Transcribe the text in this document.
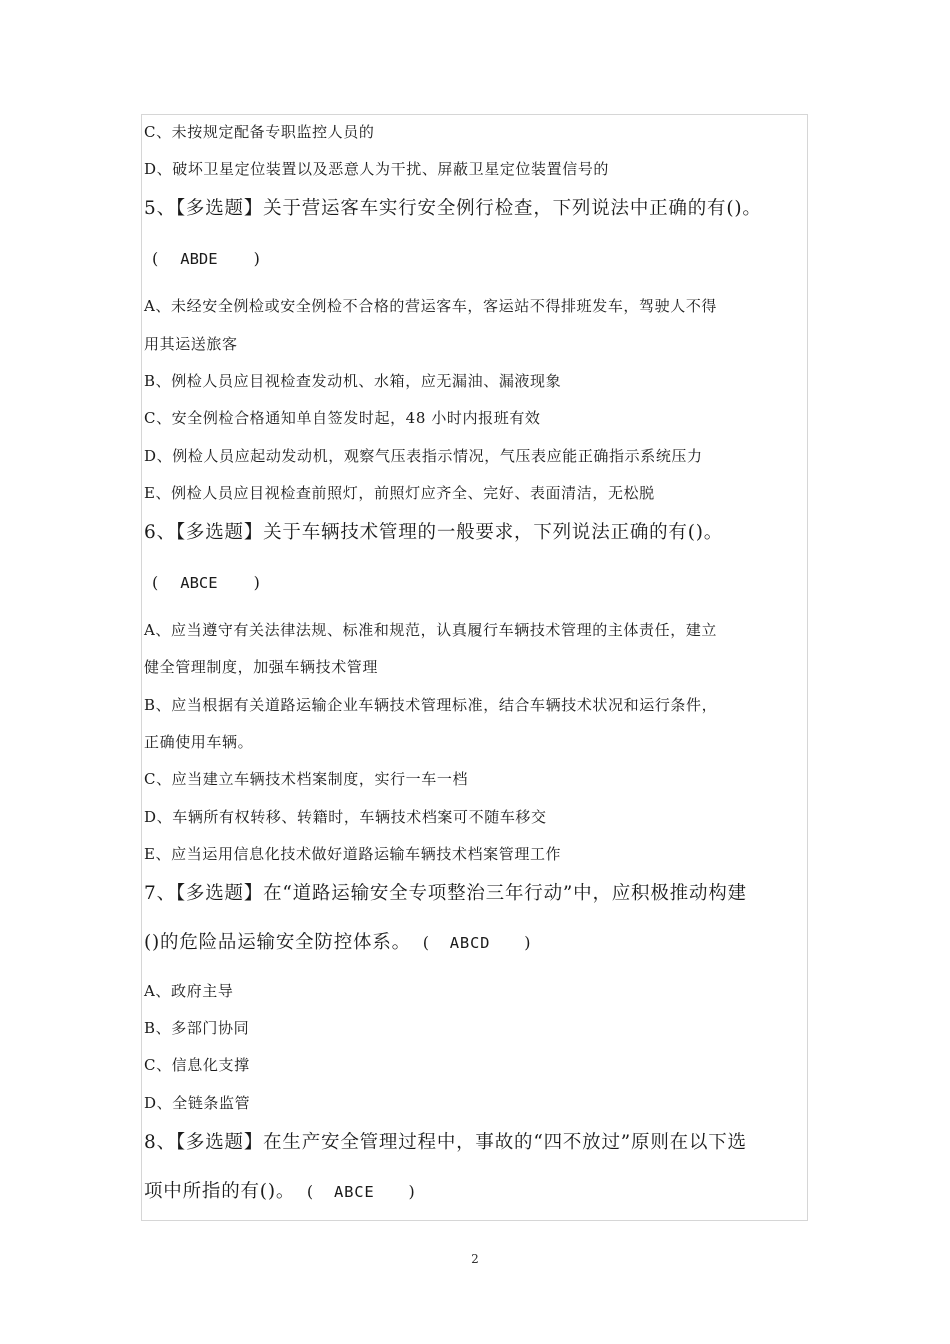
C、未按规定配备专职监控人员的
D、破坏卫星定位装置以及恶意人为干扰、屏蔽卫星定位装置信号的
5、【多选题】关于营运客车实行安全例行检查，下列说法中正确的有()。
( ABDE )
A、未经安全例检或安全例检不合格的营运客车，客运站不得排班发车，驾驶人不得
用其运送旅客
B、例检人员应目视检查发动机、水箱，应无漏油、漏液现象
C、安全例检合格通知单自签发时起，48 小时内报班有效
D、例检人员应起动发动机，观察气压表指示情况，气压表应能正确指示系统压力
E、例检人员应目视检查前照灯，前照灯应齐全、完好、表面清洁，无松脱
6、【多选题】关于车辆技术管理的一般要求，下列说法正确的有()。
( ABCE )
A、应当遵守有关法律法规、标准和规范，认真履行车辆技术管理的主体责任，建立
健全管理制度，加强车辆技术管理
B、应当根据有关道路运输企业车辆技术管理标准，结合车辆技术状况和运行条件，
正确使用车辆。
C、应当建立车辆技术档案制度，实行一车一档
D、车辆所有权转移、转籍时，车辆技术档案可不随车移交
E、应当运用信息化技术做好道路运输车辆技术档案管理工作
7、【多选题】在“道路运输安全专项整治三年行动”中，应积极推动构建
()的危险品运输安全防控体系。 ( ABCD )
A、政府主导
B、多部门协同
C、信息化支撑
D、全链条监管
8、【多选题】在生产安全管理过程中，事故的“四不放过”原则在以下选
项中所指的有()。 ( ABCE )
2
